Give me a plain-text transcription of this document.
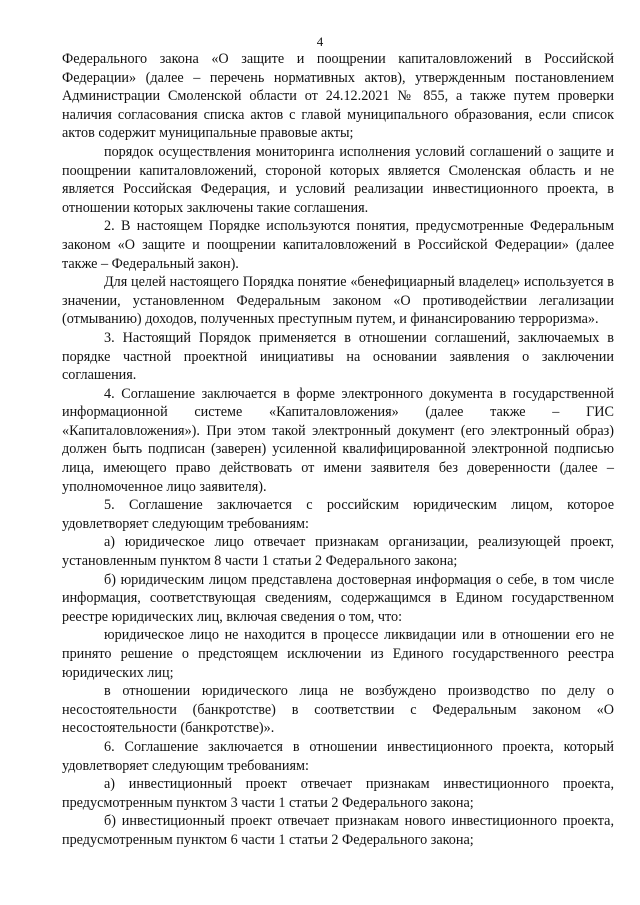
4

Федерального закона «О защите и поощрении капиталовложений в Российской Федерации» (далее – перечень нормативных актов), утвержденным постановлением Администрации Смоленской области от 24.12.2021 № 855, а также путем проверки наличия согласования списка актов с главой муниципального образования, если список актов содержит муниципальные правовые акты;

порядок осуществления мониторинга исполнения условий соглашений о защите и поощрении капиталовложений, стороной которых является Смоленская область и не является Российская Федерация, и условий реализации инвестиционного проекта, в отношении которых заключены такие соглашения.

2. В настоящем Порядке используются понятия, предусмотренные Федеральным законом «О защите и поощрении капиталовложений в Российской Федерации» (далее также – Федеральный закон).

Для целей настоящего Порядка понятие «бенефициарный владелец» используется в значении, установленном Федеральным законом «О противодействии легализации (отмыванию) доходов, полученных преступным путем, и финансированию терроризма».

3. Настоящий Порядок применяется в отношении соглашений, заключаемых в порядке частной проектной инициативы на основании заявления о заключении соглашения.

4. Соглашение заключается в форме электронного документа в государственной информационной системе «Капиталовложения» (далее также – ГИС «Капиталовложения»). При этом такой электронный документ (его электронный образ) должен быть подписан (заверен) усиленной квалифицированной электронной подписью лица, имеющего право действовать от имени заявителя без доверенности (далее – уполномоченное лицо заявителя).

5. Соглашение заключается с российским юридическим лицом, которое удовлетворяет следующим требованиям:

а) юридическое лицо отвечает признакам организации, реализующей проект, установленным пунктом 8 части 1 статьи 2 Федерального закона;

б) юридическим лицом представлена достоверная информация о себе, в том числе информация, соответствующая сведениям, содержащимся в Едином государственном реестре юридических лиц, включая сведения о том, что:

юридическое лицо не находится в процессе ликвидации или в отношении его не принято решение о предстоящем исключении из Единого государственного реестра юридических лиц;

в отношении юридического лица не возбуждено производство по делу о несостоятельности (банкротстве) в соответствии с Федеральным законом «О несостоятельности (банкротстве)».

6. Соглашение заключается в отношении инвестиционного проекта, который удовлетворяет следующим требованиям:

а) инвестиционный проект отвечает признакам инвестиционного проекта, предусмотренным пунктом 3 части 1 статьи 2 Федерального закона;

б) инвестиционный проект отвечает признакам нового инвестиционного проекта, предусмотренным пунктом 6 части 1 статьи 2 Федерального закона;
